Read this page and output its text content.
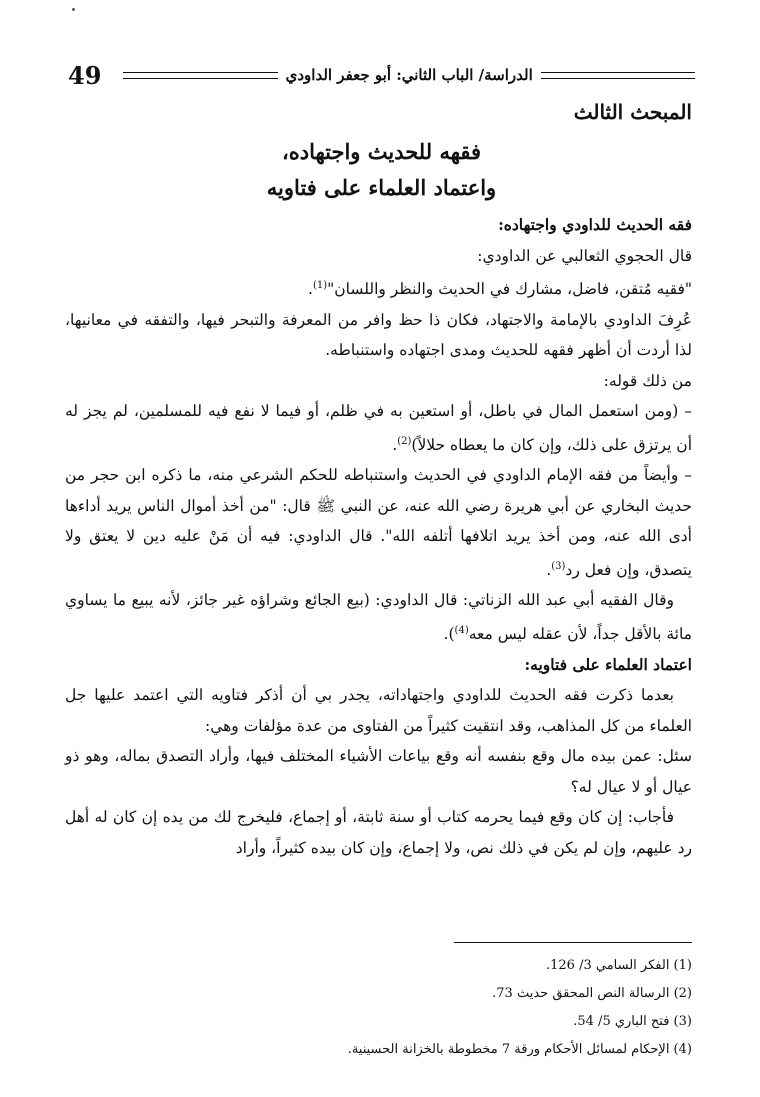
49	الدراسة/ الباب الثاني: أبو جعفر الداودي
المبحث الثالث
فقهه للحديث واجتهاده،
واعتماد العلماء على فتاويه

فقه الحديث للداودي واجتهاده:

قال الحجوي الثعالبي عن الداودي:

"فقيه مُتقن، فاضل، مشارك في الحديث والنظر واللسان"$^{(1)}$.

عُرِفَ الداودي بالإمامة والاجتهاد، فكان ذا حظ وافر من المعرفة والتبحر فيها، والتفقه في معانيها، لذا أردت أن أظهر فقهه للحديث ومدى اجتهاده واستنباطه.

من ذلك قوله:

– (ومن استعمل المال في باطل، أو استعين به في ظلم، أو فيما لا نفع فيه للمسلمين، لم يجز له أن يرتزق على ذلك، وإن كان ما يعطاه حلالاً)$^{(2)}$.

– وأيضاً من فقه الإمام الداودي في الحديث واستنباطه للحكم الشرعي منه، ما ذكره ابن حجر من حديث البخاري عن أبي هريرة رضي الله عنه، عن النبي ﷺ قال: "من أخذ أموال الناس يريد أداءها أدى الله عنه، ومن أخذ يريد اتلافها أتلفه الله". قال الداودي: فيه أن مَنْ عليه دين لا يعتق ولا يتصدق، وإن فعل رد$^{(3)}$.

وقال الفقيه أبي عبد الله الزناتي: قال الداودي: (بيع الجائع وشراؤه غير جائز، لأنه يبيع ما يساوي مائة بالأقل جداً، لأن عقله ليس معه$^{(4)}$).

اعتماد العلماء على فتاويه:

بعدما ذكرت فقه الحديث للداودي واجتهاداته، يجدر بي أن أذكر فتاويه التي اعتمد عليها جل العلماء من كل المذاهب، وقد انتقيت كثيراً من الفتاوى من عدة مؤلفات وهي:

سئل: عمن بيده مال وقع بنفسه أنه وقع بياعات الأشياء المختلف فيها، وأراد التصدق بماله، وهو ذو عيال أو لا عيال له؟

فأجاب: إن كان وقع فيما يحرمه كتاب أو سنة ثابتة، أو إجماع، فليخرج لك من يده إن كان له أهل رد عليهم، وإن لم يكن في ذلك نص، ولا إجماع، وإن كان بيده كثيراً، وأراد

(1) الفكر السامي 3/ 126.

(2) الرسالة النص المحقق حديث 73.

(3) فتح الباري 5/ 54.

(4) الإحكام لمسائل الأحكام ورقة 7 مخطوطة بالخزانة الحسينية.
